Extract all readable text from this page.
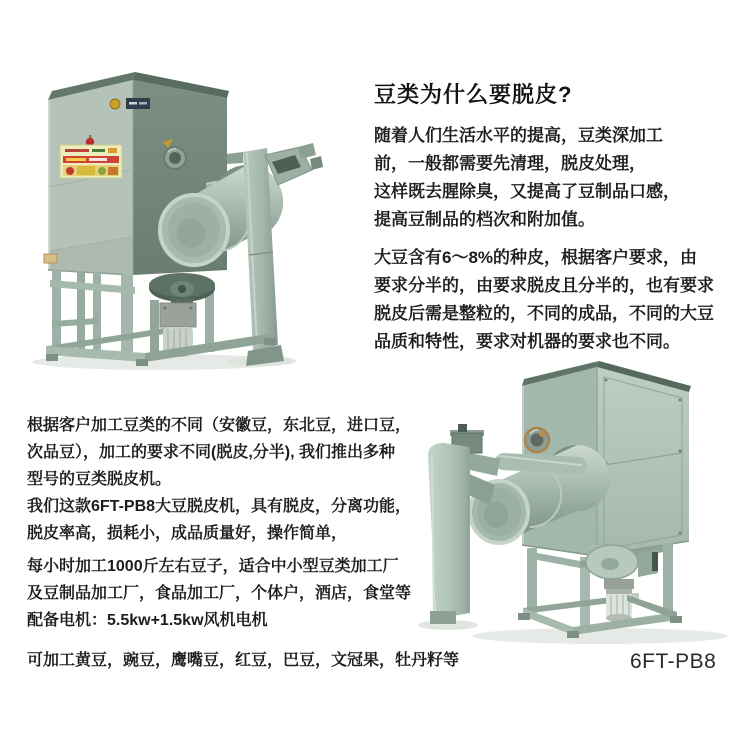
豆类为什么要脱皮?
随着人们生活水平的提高，豆类深加工
前，一般都需要先清理，脱皮处理，
这样既去腥除臭，又提高了豆制品口感，
提高豆制品的档次和附加值。
大豆含有6～8%的种皮，根据客户要求，由
要求分半的，由要求脱皮且分半的，也有要求
脱皮后需是整粒的，不同的成品，不同的大豆
品质和特性，要求对机器的要求也不同。
根据客户加工豆类的不同（安徽豆，东北豆，进口豆，
次品豆），加工的要求不同(脱皮,分半), 我们推出多种
型号的豆类脱皮机。
我们这款6FT-PB8大豆脱皮机，具有脱皮，分离功能，
脱皮率高，损耗小，成品质量好，操作简单，
每小时加工1000斤左右豆子，适合中小型豆类加工厂
及豆制品加工厂，食品加工厂，个体户，酒店，食堂等
配备电机：5.5kw+1.5kw风机电机
可加工黄豆，豌豆，鹰嘴豆，红豆，巴豆，文冠果，牡丹籽等	6FT-PB8
